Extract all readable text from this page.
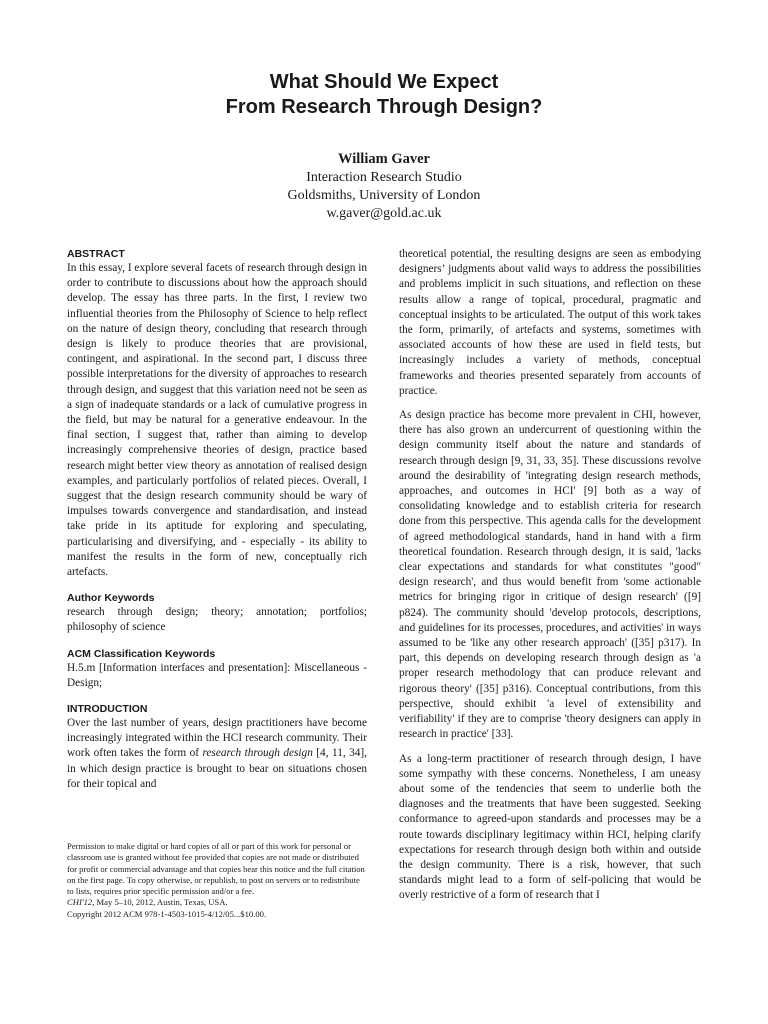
What Should We Expect
From Research Through Design?
William Gaver
Interaction Research Studio
Goldsmiths, University of London
w.gaver@gold.ac.uk
ABSTRACT

In this essay, I explore several facets of research through design in order to contribute to discussions about how the approach should develop. The essay has three parts. In the first, I review two influential theories from the Philosophy of Science to help reflect on the nature of design theory, concluding that research through design is likely to produce theories that are provisional, contingent, and aspirational. In the second part, I discuss three possible interpretations for the diversity of approaches to research through design, and suggest that this variation need not be seen as a sign of inadequate standards or a lack of cumulative progress in the field, but may be natural for a generative endeavour. In the final section, I suggest that, rather than aiming to develop increasingly comprehensive theories of design, practice based research might better view theory as annotation of realised design examples, and particularly portfolios of related pieces. Overall, I suggest that the design research community should be wary of impulses towards convergence and standardisation, and instead take pride in its aptitude for exploring and speculating, particularising and diversifying, and - especially - its ability to manifest the results in the form of new, conceptually rich artefacts.

Author Keywords

research through design; theory; annotation; portfolios; philosophy of science

ACM Classification Keywords

H.5.m [Information interfaces and presentation]: Miscellaneous - Design;

INTRODUCTION

Over the last number of years, design practitioners have become increasingly integrated within the HCI research community. Their work often takes the form of research through design [4, 11, 34], in which design practice is brought to bear on situations chosen for their topical and

Permission to make digital or hard copies of all or part of this work for personal or classroom use is granted without fee provided that copies are not made or distributed for profit or commercial advantage and that copies bear this notice and the full citation on the first page. To copy otherwise, or republish, to post on servers or to redistribute to lists, requires prior specific permission and/or a fee.

CHI'12, May 5–10, 2012, Austin, Texas, USA.

Copyright 2012 ACM 978-1-4503-1015-4/12/05...$10.00.

theoretical potential, the resulting designs are seen as embodying designers’ judgments about valid ways to address the possibilities and problems implicit in such situations, and reflection on these results allow a range of topical, procedural, pragmatic and conceptual insights to be articulated. The output of this work takes the form, primarily, of artefacts and systems, sometimes with associated accounts of how these are used in field tests, but increasingly includes a variety of methods, conceptual frameworks and theories presented separately from accounts of practice.

As design practice has become more prevalent in CHI, however, there has also grown an undercurrent of questioning within the design community itself about the nature and standards of research through design [9, 31, 33, 35]. These discussions revolve around the desirability of 'integrating design research methods, approaches, and outcomes in HCI' [9] both as a way of consolidating knowledge and to establish criteria for research done from this perspective. This agenda calls for the development of agreed methodological standards, hand in hand with a firm theoretical foundation. Research through design, it is said, 'lacks clear expectations and standards for what constitutes "good" design research', and thus would benefit from 'some actionable metrics for bringing rigor in critique of design research' ([9] p824). The community should 'develop protocols, descriptions, and guidelines for its processes, procedures, and activities' in ways assumed to be 'like any other research approach' ([35] p317). In part, this depends on developing research through design as 'a proper research methodology that can produce relevant and rigorous theory' ([35] p316). Conceptual contributions, from this perspective, should exhibit 'a level of extensibility and verifiability' if they are to comprise 'theory designers can apply in research in practice' [33].

As a long-term practitioner of research through design, I have some sympathy with these concerns. Nonetheless, I am uneasy about some of the tendencies that seem to underlie both the diagnoses and the treatments that have been suggested. Seeking conformance to agreed-upon standards and processes may be a route towards disciplinary legitimacy within HCI, helping clarify expectations for research through design both within and outside the design community. There is a risk, however, that such standards might lead to a form of self-policing that would be overly restrictive of a form of research that I
